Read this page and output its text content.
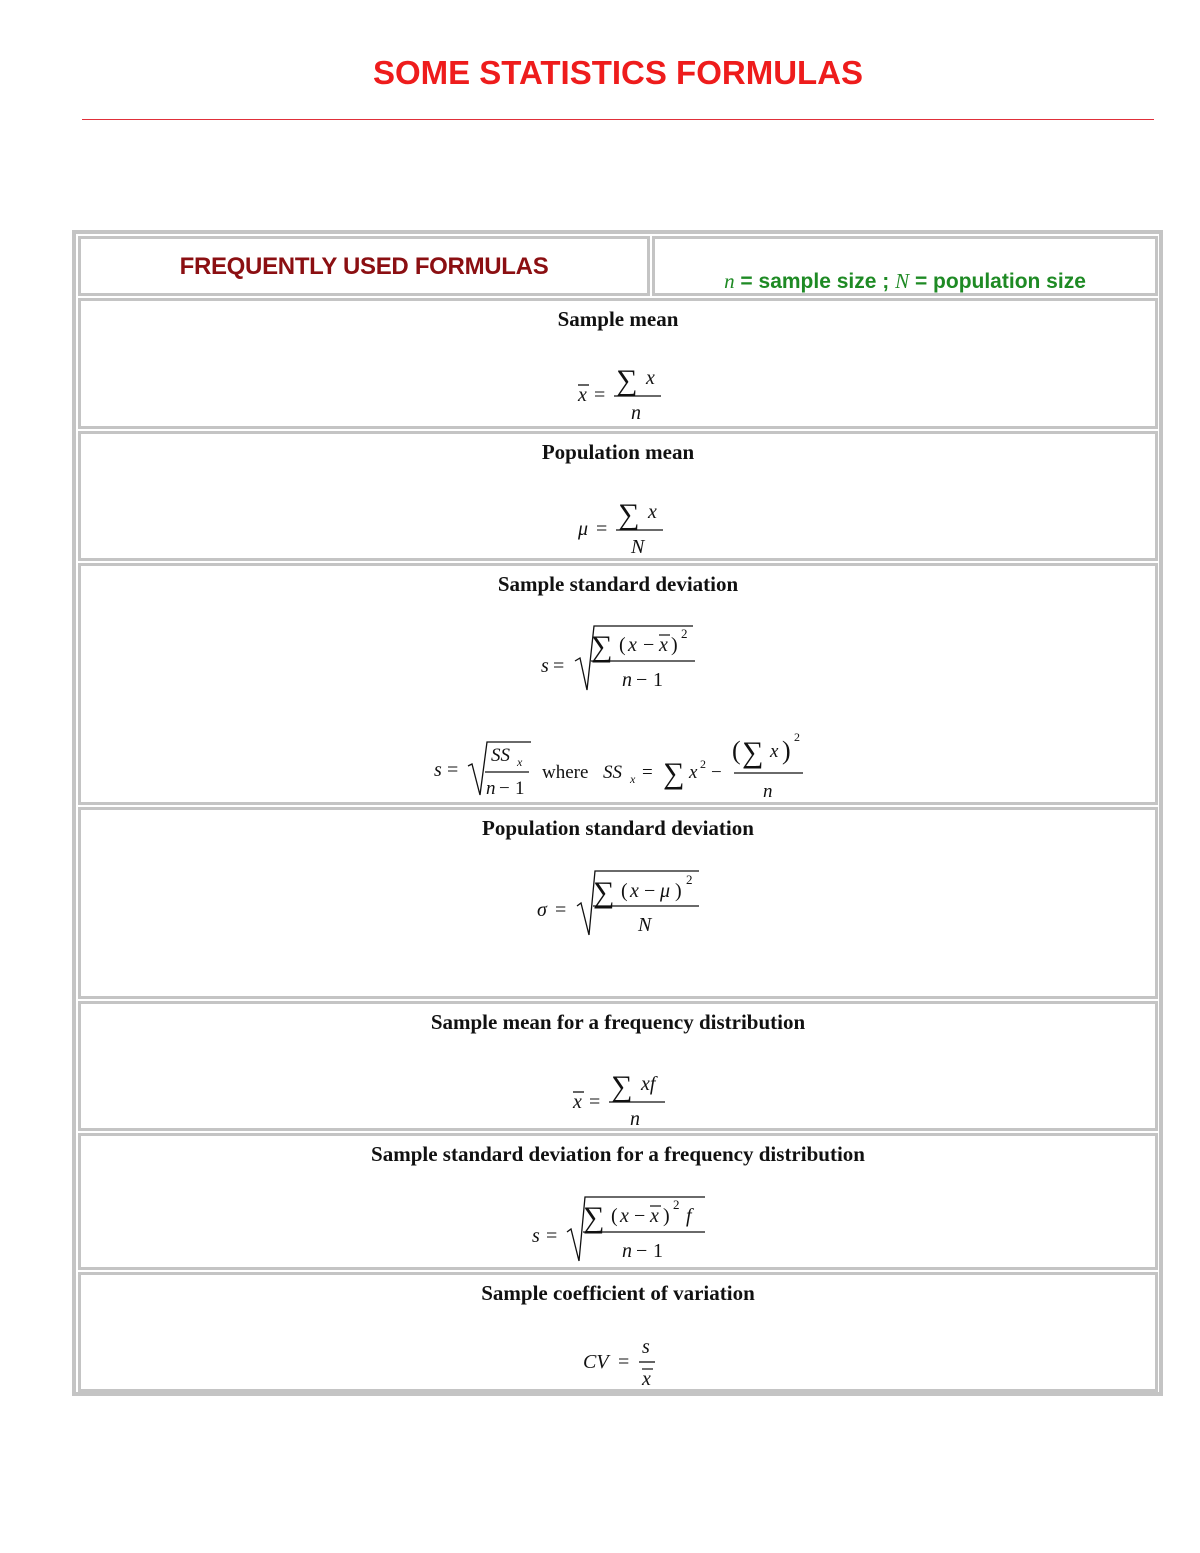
SOME STATISTICS FORMULAS
FREQUENTLY USED FORMULAS
n = sample size ; N = population size
Sample mean
x = ∑ x
n
Population mean
μ = ∑ x
N
Sample standard deviation
s =
∑ ( x − x )
2
n − 1
s =
SS x
n − 1
where SS x = ∑ x 2 −
( ∑ x ) 2
n
Population standard deviation
σ =
∑ ( x − μ )
2
N
Sample mean for a frequency distribution
x = ∑ xf
n
Sample standard deviation for a frequency distribution
s =
∑ ( x − x )
2
f
n − 1
Sample coefficient of variation
CV =
s
x
